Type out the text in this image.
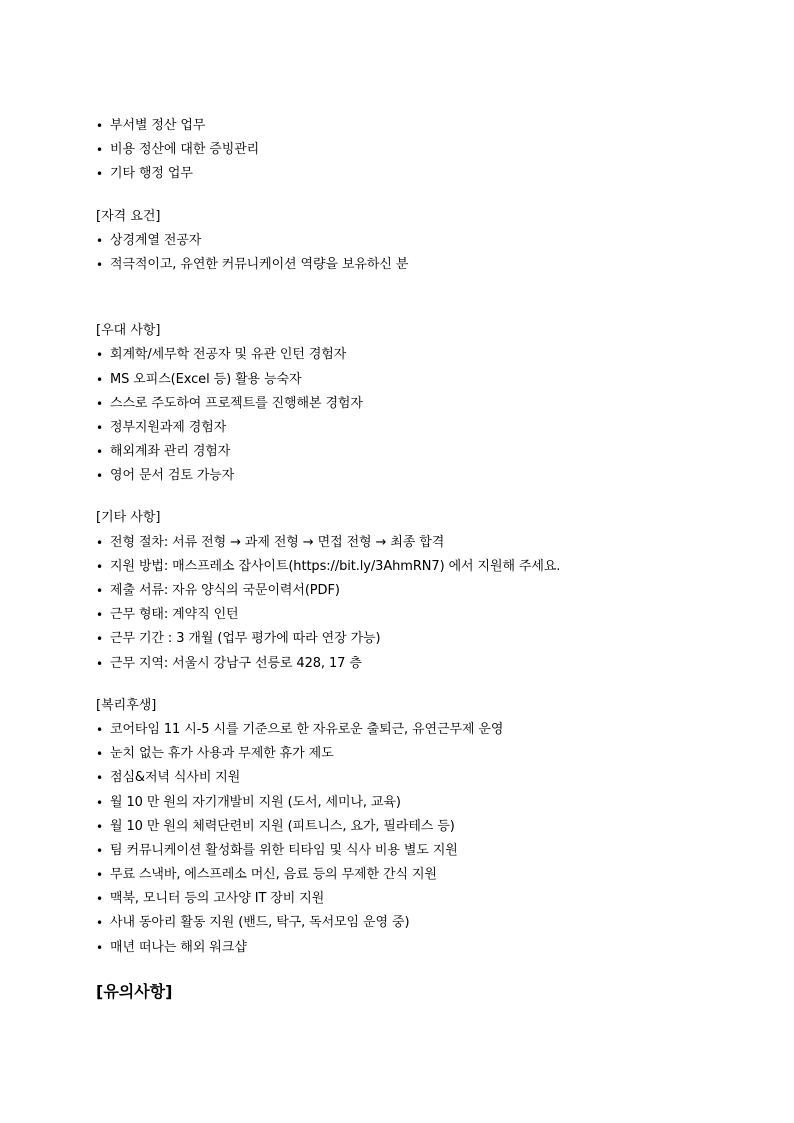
• 부서별 정산 업무
• 비용 정산에 대한 증빙관리
• 기타 행정 업무
[자격 요건]
• 상경계열 전공자
• 적극적이고, 유연한 커뮤니케이션 역량을 보유하신 분
[우대 사항]
• 회계학/세무학 전공자 및 유관 인턴 경험자
• MS 오피스(Excel 등) 활용 능숙자
• 스스로 주도하여 프로젝트를 진행해본 경험자
• 정부지원과제 경험자
• 해외계좌 관리 경험자
• 영어 문서 검토 가능자
[기타 사항]
• 전형 절차: 서류 전형 → 과제 전형 → 면접 전형 → 최종 합격
• 지원 방법: 매스프레소 잡사이트(https://bit.ly/3AhmRN7) 에서 지원해 주세요.
• 제출 서류: 자유 양식의 국문이력서(PDF)
• 근무 형태: 계약직 인턴
• 근무 기간 : 3 개월 (업무 평가에 따라 연장 가능)
• 근무 지역: 서울시 강남구 선릉로 428, 17 층
[복리후생]
• 코어타임 11 시-5 시를 기준으로 한 자유로운 출퇴근, 유연근무제 운영
• 눈치 없는 휴가 사용과 무제한 휴가 제도
• 점심&저녁 식사비 지원
• 월 10 만 원의 자기개발비 지원 (도서, 세미나, 교육)
• 월 10 만 원의 체력단련비 지원 (피트니스, 요가, 필라테스 등)
• 팀 커뮤니케이션 활성화를 위한 티타임 및 식사 비용 별도 지원
• 무료 스낵바, 에스프레소 머신, 음료 등의 무제한 간식 지원
• 맥북, 모니터 등의 고사양 IT 장비 지원
• 사내 동아리 활동 지원 (밴드, 탁구, 독서모임 운영 중)
• 매년 떠나는 해외 워크샵
[유의사항]
